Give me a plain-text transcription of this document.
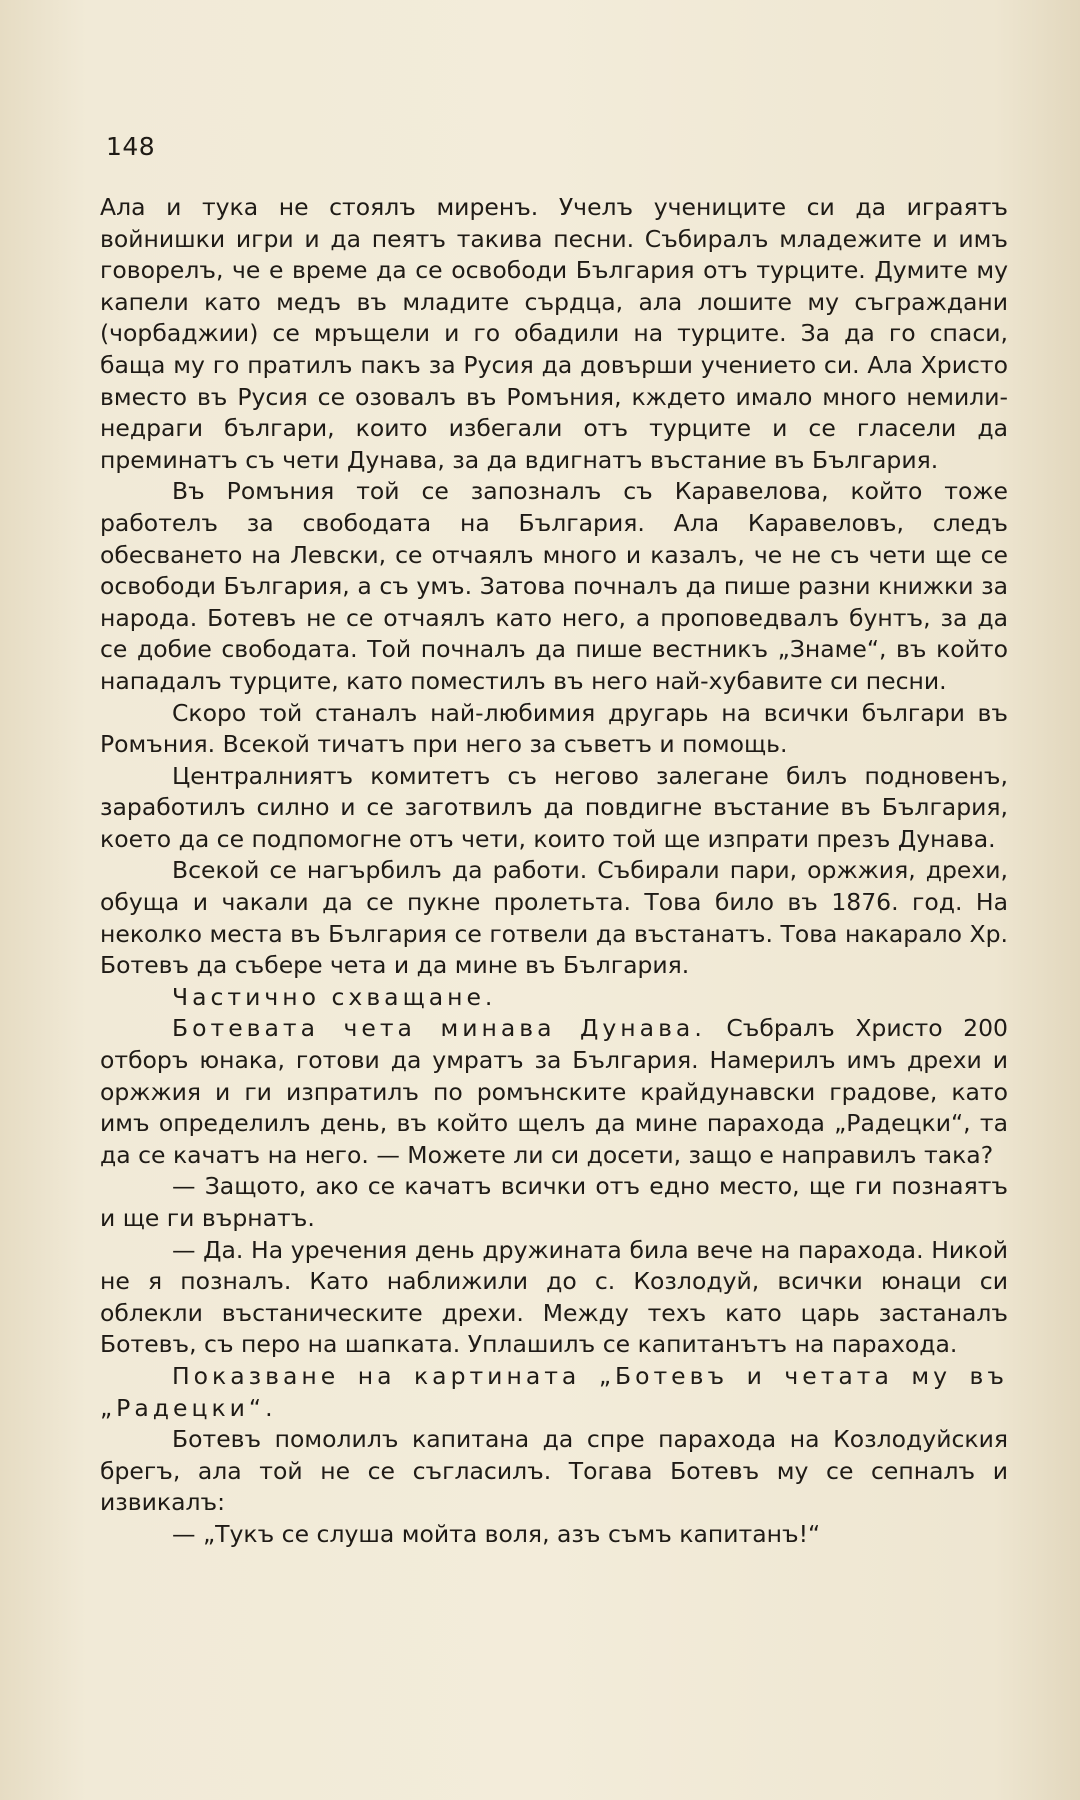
148

Ала и тука не стоялъ миренъ. Учелъ учениците си да играятъ войнишки игри и да пеятъ такива песни. Събиралъ младежите и имъ говорелъ, че е време да се освободи България отъ турците. Думите му капели като медъ въ младите сърдца, ала лошите му съграждани (чорбаджии) се мръщели и го обадили на турците. За да го спаси, баща му го пратилъ пакъ за Русия да довърши учението си. Ала Христо вместо въ Русия се озовалъ въ Ромъния, кждето имало много немили-недраги българи, които избегали отъ турците и се гласели да преминатъ съ чети Дунава, за да вдигнатъ въстание въ България.

Въ Ромъния той се запозналъ съ Каравелова, който тоже работелъ за свободата на България. Ала Каравеловъ, следъ обесването на Левски, се отчаялъ много и казалъ, че не съ чети ще се освободи България, а съ умъ. Затова почналъ да пише разни книжки за народа. Ботевъ не се отчаялъ като него, а проповедвалъ бунтъ, за да се добие свободата. Той почналъ да пише вестникъ „Знаме“, въ който нападалъ турците, като поместилъ въ него най-хубавите си песни.

Скоро той станалъ най-любимия другарь на всички българи въ Ромъния. Всекой тичатъ при него за съветъ и помощь.

Централниятъ комитетъ съ негово залегане билъ подновенъ, заработилъ силно и се заготвилъ да повдигне въстание въ България, което да се подпомогне отъ чети, които той ще изпрати презъ Дунава.

Всекой се нагърбилъ да работи. Събирали пари, оржжия, дрехи, обуща и чакали да се пукне пролетьта. Това било въ 1876. год. На неколко места въ България се готвели да въстанатъ. Това накарало Хр. Ботевъ да събере чета и да мине въ България.

Частично схващане.

Ботевата чета минава Дунава. Събралъ Христо 200 отборъ юнака, готови да умратъ за България. Намерилъ имъ дрехи и оржжия и ги изпратилъ по ромънските крайдунавски градове, като имъ определилъ день, въ който щелъ да мине парахода „Радецки“, та да се качатъ на него. — Можете ли си досети, защо е направилъ така?

— Защото, ако се качатъ всички отъ едно место, ще ги познаятъ и ще ги върнатъ.

— Да. На уречения день дружината била вече на парахода. Никой не я позналъ. Като наближили до с. Козлодуй, всички юнаци си облекли въстаническите дрехи. Между техъ като царь застаналъ Ботевъ, съ перо на шапката. Уплашилъ се капитанътъ на парахода.

Показване на картината „Ботевъ и четата му въ „Радецки“.

Ботевъ помолилъ капитана да спре парахода на Козлодуйския брегъ, ала той не се съгласилъ. Тогава Ботевъ му се сепналъ и извикалъ:

— „Тукъ се слуша мойта воля, азъ съмъ капитанъ!“
